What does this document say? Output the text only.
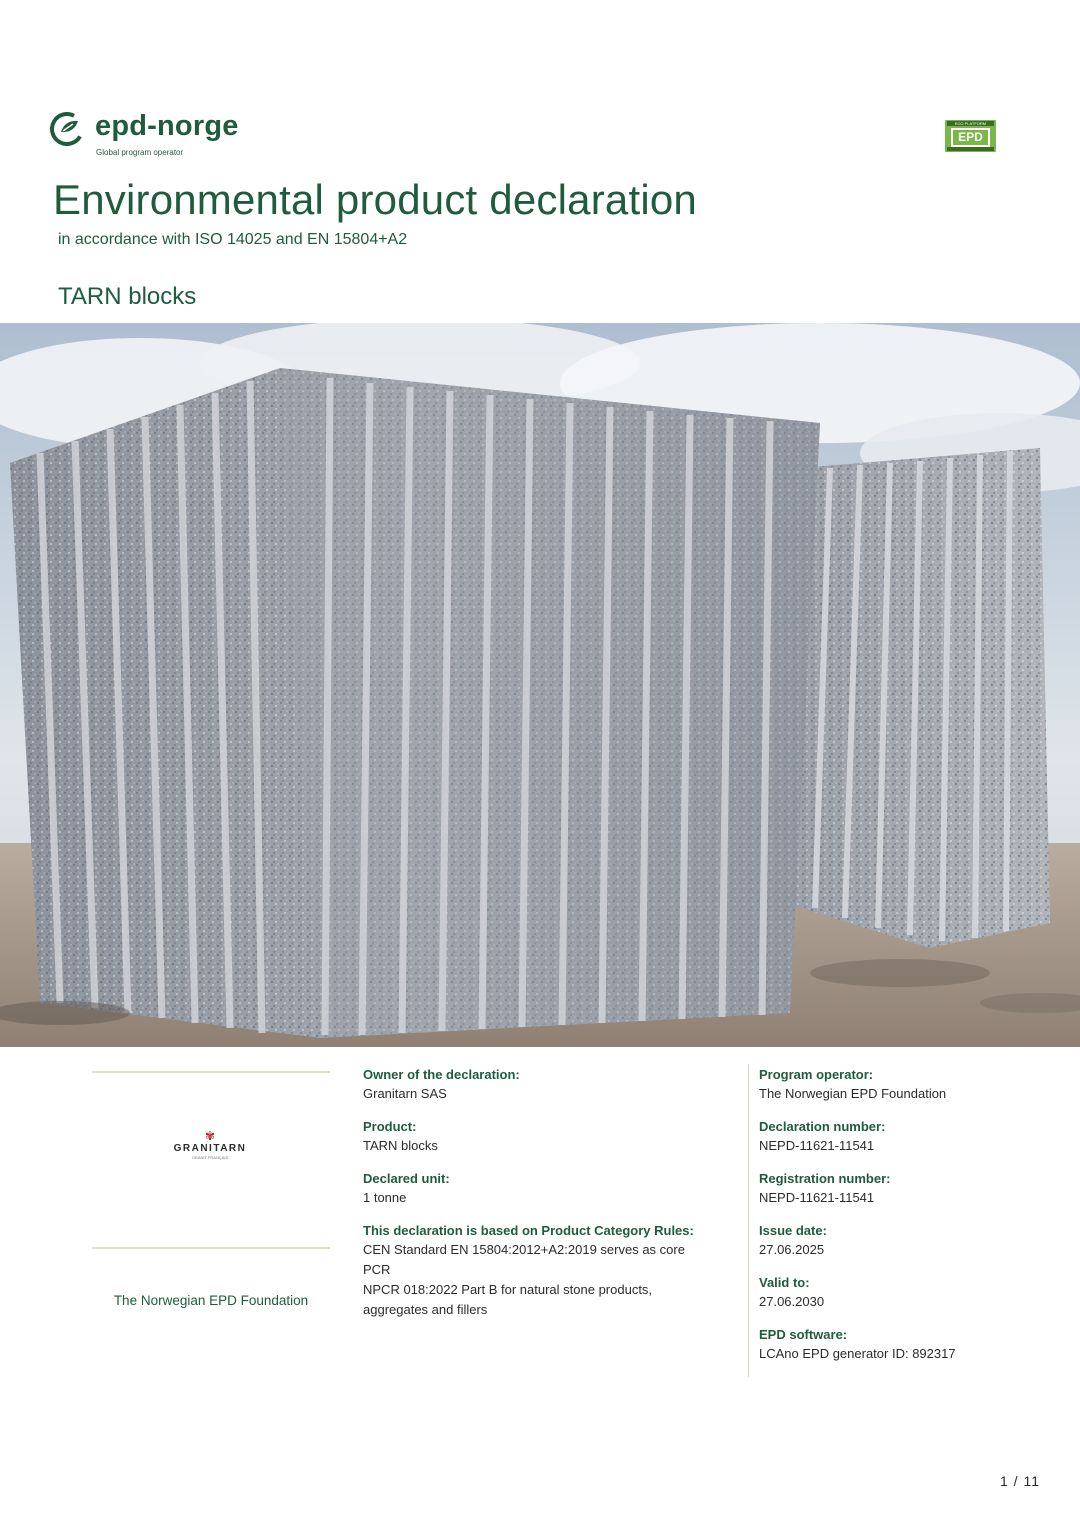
epd-norge
Global program operator
ECO PLATFORM
EPD
Environmental product declaration
in accordance with ISO 14025 and EN 15804+A2
TARN blocks
✾
GRANITARN
GRANIT FRANÇAIS
The Norwegian EPD Foundation
Owner of the declaration:
Granitarn SAS
Product:
TARN blocks
Declared unit:
1 tonne
This declaration is based on Product Category Rules:
CEN Standard EN 15804:2012+A2:2019 serves as core
PCR
NPCR 018:2022 Part B for natural stone products,
aggregates and fillers
Program operator:
The Norwegian EPD Foundation
Declaration number:
NEPD-11621-11541
Registration number:
NEPD-11621-11541
Issue date:
27.06.2025
Valid to:
27.06.2030
EPD software:
LCAno EPD generator ID: 892317
1 / 11
